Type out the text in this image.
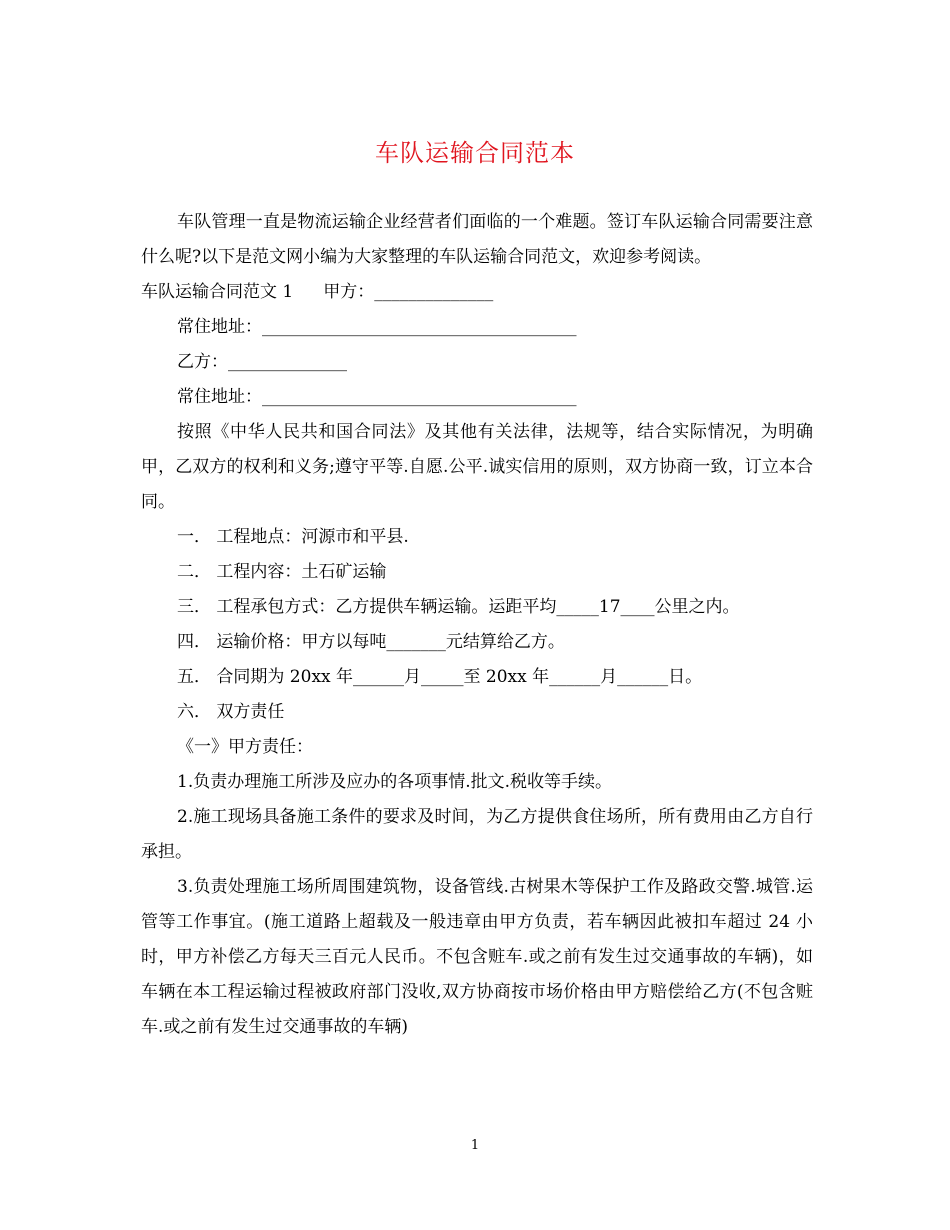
车队运输合同范本

车队管理一直是物流运输企业经营者们面临的一个难题。签订车队运输合同需要注意什么呢?以下是范文网小编为大家整理的车队运输合同范文，欢迎参考阅读。

车队运输合同范文 1 甲方：______________

常住地址：_____________________________________

乙方：______________

常住地址：_____________________________________

按照《中华人民共和国合同法》及其他有关法律，法规等，结合实际情况，为明确甲，乙双方的权利和义务;遵守平等.自愿.公平.诚实信用的原则，双方协商一致，订立本合同。

一． 工程地点：河源市和平县.

二． 工程内容：土石矿运输

三． 工程承包方式：乙方提供车辆运输。运距平均_____17____公里之内。

四． 运输价格：甲方以每吨_______元结算给乙方。

五． 合同期为 20xx 年______月_____至 20xx 年______月______日。

六． 双方责任

《一》甲方责任：

1.负责办理施工所涉及应办的各项事情.批文.税收等手续。

2.施工现场具备施工条件的要求及时间，为乙方提供食住场所，所有费用由乙方自行承担。

3.负责处理施工场所周围建筑物，设备管线.古树果木等保护工作及路政交警.城管.运管等工作事宜。(施工道路上超载及一般违章由甲方负责，若车辆因此被扣车超过 24 小时，甲方补偿乙方每天三百元人民币。不包含赃车.或之前有发生过交通事故的车辆)，如车辆在本工程运输过程被政府部门没收,双方协商按市场价格由甲方赔偿给乙方(不包含赃车.或之前有发生过交通事故的车辆)

1
